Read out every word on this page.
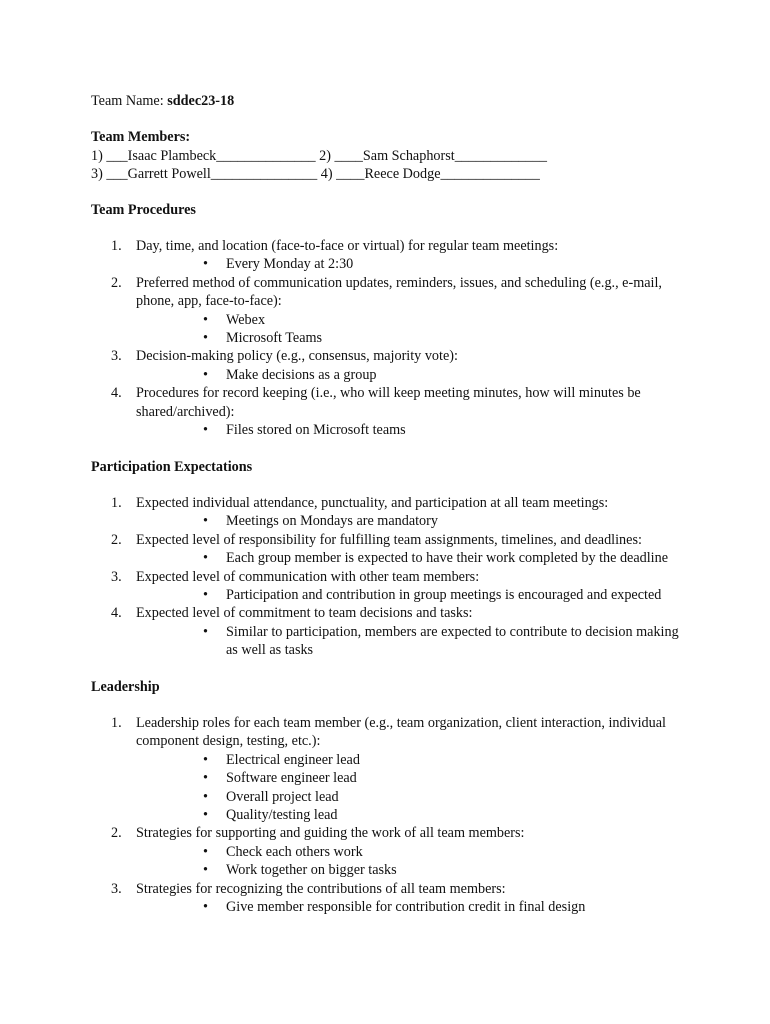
Team Name: sddec23-18
Team Members:
1) ___Isaac Plambeck______________ 2) ____Sam Schaphorst_____________
3) ___Garrett Powell_______________ 4) ____Reece Dodge______________
Team Procedures
1. Day, time, and location (face-to-face or virtual) for regular team meetings:
• Every Monday at 2:30
2. Preferred method of communication updates, reminders, issues, and scheduling (e.g., e-mail, phone, app, face-to-face):
• Webex
• Microsoft Teams
3. Decision-making policy (e.g., consensus, majority vote):
• Make decisions as a group
4. Procedures for record keeping (i.e., who will keep meeting minutes, how will minutes be shared/archived):
• Files stored on Microsoft teams
Participation Expectations
1. Expected individual attendance, punctuality, and participation at all team meetings:
• Meetings on Mondays are mandatory
2. Expected level of responsibility for fulfilling team assignments, timelines, and deadlines:
• Each group member is expected to have their work completed by the deadline
3. Expected level of communication with other team members:
• Participation and contribution in group meetings is encouraged and expected
4. Expected level of commitment to team decisions and tasks:
• Similar to participation, members are expected to contribute to decision making as well as tasks
Leadership
1. Leadership roles for each team member (e.g., team organization, client interaction, individual component design, testing, etc.):
• Electrical engineer lead
• Software engineer lead
• Overall project lead
• Quality/testing lead
2. Strategies for supporting and guiding the work of all team members:
• Check each others work
• Work together on bigger tasks
3. Strategies for recognizing the contributions of all team members:
• Give member responsible for contribution credit in final design
